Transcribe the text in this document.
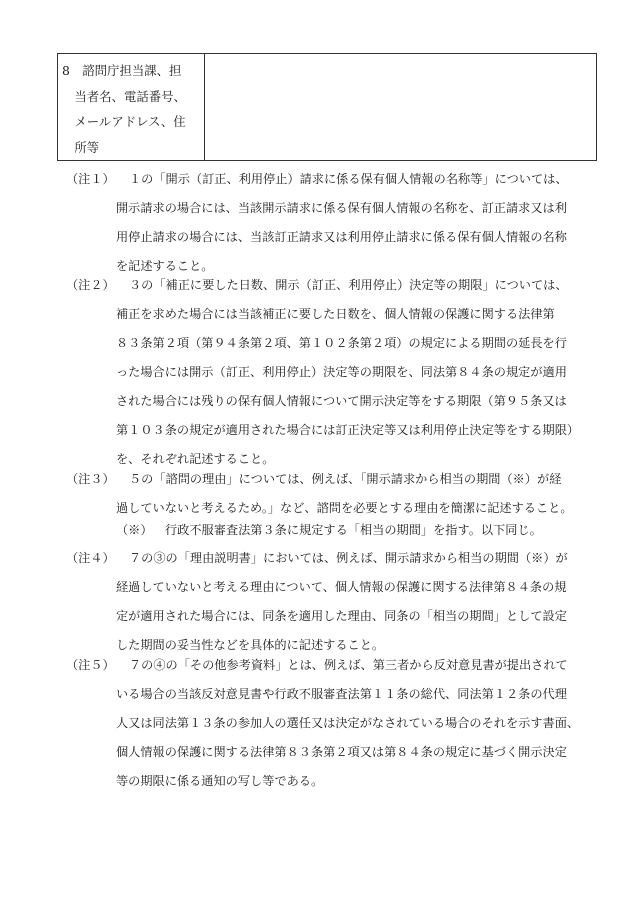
8　諮問庁担当課、担
　当者名、電話番号、
　メールアドレス、住
　所等
（注１）	１の「開示（訂正、利用停止）請求に係る保有個人情報の名称等」については、
開示請求の場合には、当該開示請求に係る保有個人情報の名称を、訂正請求又は利
用停止請求の場合には、当該訂正請求又は利用停止請求に係る保有個人情報の名称
を記述すること。
（注２）	３の「補正に要した日数、開示（訂正、利用停止）決定等の期限」については、
補正を求めた場合には当該補正に要した日数を、個人情報の保護に関する法律第
８３条第２項（第９４条第２項、第１０２条第２項）の規定による期間の延長を行
った場合には開示（訂正、利用停止）決定等の期限を、同法第８４条の規定が適用
された場合には残りの保有個人情報について開示決定等をする期限（第９５条又は
第１０３条の規定が適用された場合には訂正決定等又は利用停止決定等をする期限）
を、それぞれ記述すること。
（注３）	５の「諮問の理由」については、例えば、「開示請求から相当の期間（※）が経
過していないと考えるため。」など、諮問を必要とする理由を簡潔に記述すること。
（※） 行政不服審査法第３条に規定する「相当の期間」を指す。以下同じ。
（注４）	７の③の「理由説明書」においては、例えば、開示請求から相当の期間（※）が
経過していないと考える理由について、個人情報の保護に関する法律第８４条の規
定が適用された場合には、同条を適用した理由、同条の「相当の期間」として設定
した期間の妥当性などを具体的に記述すること。
（注５）	７の④の「その他参考資料」とは、例えば、第三者から反対意見書が提出されて
いる場合の当該反対意見書や行政不服審査法第１１条の総代、同法第１２条の代理
人又は同法第１３条の参加人の選任又は決定がなされている場合のそれを示す書面、
個人情報の保護に関する法律第８３条第２項又は第８４条の規定に基づく開示決定
等の期限に係る通知の写し等である。
